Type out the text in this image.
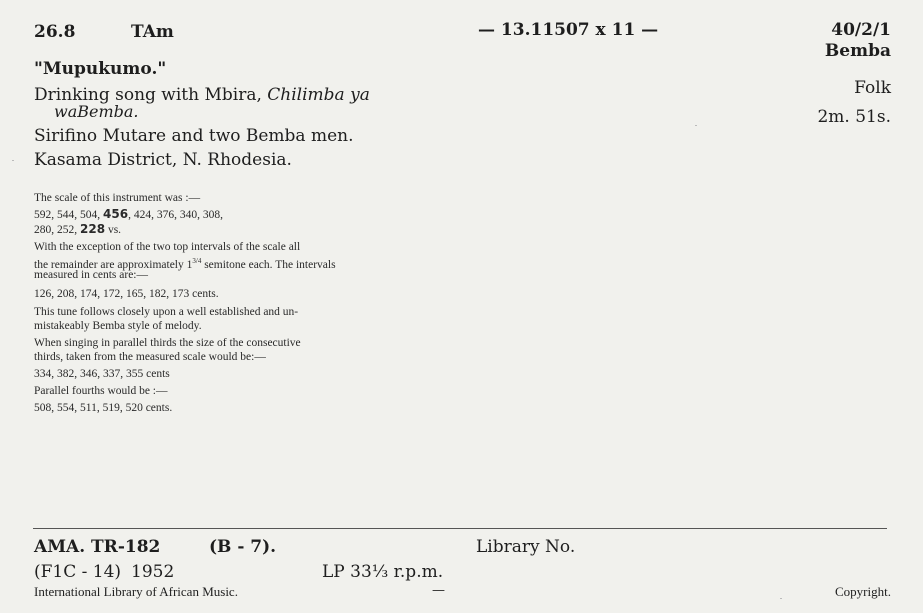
26.8	TAm	— 13.11507 x 11 —	40/2/1
Bemba
Folk
2m. 51s.
"Mupukumo."
Drinking song with Mbira, Chilimba ya
waBemba.
Sirifino Mutare and two Bemba men.
Kasama District, N. Rhodesia.
The scale of this instrument was :—
592, 544, 504, 456, 424, 376, 340, 308,
280, 252, 228 vs.
With the exception of the two top intervals of the scale all
the remainder are approximately $1^{3/4}$ semitone each. The intervals
measured in cents are:—
126, 208, 174, 172, 165, 182, 173 cents.
This tune follows closely upon a well established and un-
mistakeably Bemba style of melody.
When singing in parallel thirds the size of the consecutive
thirds, taken from the measured scale would be:—
334, 382, 346, 337, 355 cents
Parallel fourths would be :—
508, 554, 511, 519, 520 cents.
AMA. TR-182	(B - 7).	Library No.
(F1C - 14) 1952	LP 33⅓ r.p.m.
International Library of African Music.	—	Copyright.
